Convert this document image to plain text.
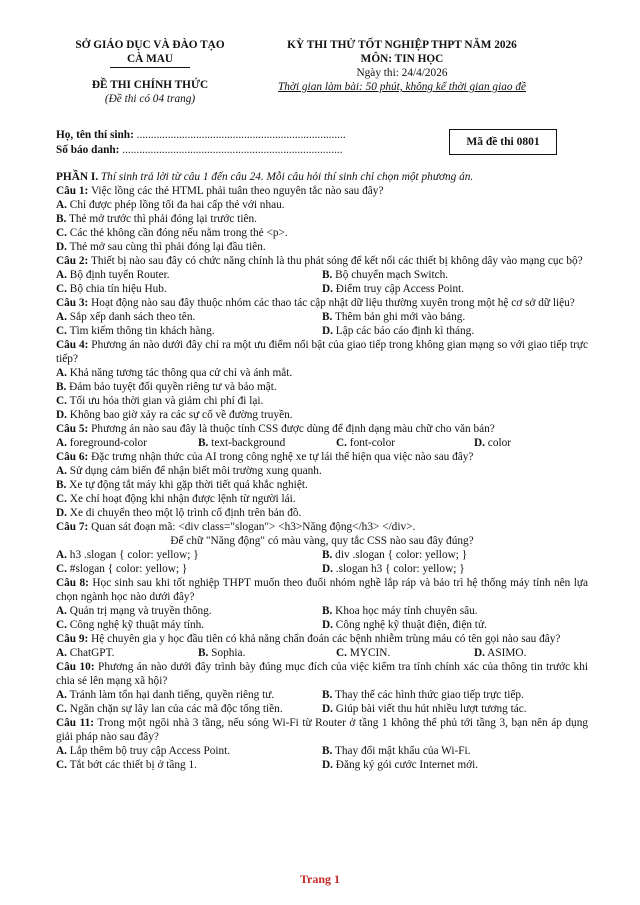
SỞ GIÁO DỤC VÀ ĐÀO TẠO
CÀ MAU
ĐỀ THI CHÍNH THỨC
(Đề thi có 04 trang)
KỲ THI THỬ TỐT NGHIỆP THPT NĂM 2026
MÔN: TIN HỌC
Ngày thi: 24/4/2026
Thời gian làm bài: 50 phút, không kể thời gian giao đề
Họ, tên thí sinh: ..........................................................................
Số báo danh: ..............................................................................
Mã đề thi 0801
PHẦN I. Thí sinh trả lời từ câu 1 đến câu 24. Mỗi câu hỏi thí sinh chỉ chọn một phương án.
Câu 1: Việc lồng các thẻ HTML phải tuân theo nguyên tắc nào sau đây?
A. Chỉ được phép lồng tối đa hai cấp thẻ với nhau.
B. Thẻ mở trước thì phải đóng lại trước tiên.
C. Các thẻ không cần đóng nếu nằm trong thẻ <p>.
D. Thẻ mở sau cùng thì phải đóng lại đầu tiên.
Câu 2: Thiết bị nào sau đây có chức năng chính là thu phát sóng để kết nối các thiết bị không dây vào mạng cục bộ?
A. Bộ định tuyến Router.	B. Bộ chuyển mạch Switch.
C. Bộ chia tín hiệu Hub.	D. Điểm truy cập Access Point.
Câu 3: Hoạt động nào sau đây thuộc nhóm các thao tác cập nhật dữ liệu thường xuyên trong một hệ cơ sở dữ liệu?
A. Sắp xếp danh sách theo tên.	B. Thêm bản ghi mới vào bảng.
C. Tìm kiếm thông tin khách hàng.	D. Lập các báo cáo định kì tháng.
Câu 4: Phương án nào dưới đây chỉ ra một ưu điểm nổi bật của giao tiếp trong không gian mạng so với giao tiếp trực tiếp?
A. Khả năng tương tác thông qua cử chỉ và ánh mắt.
B. Đảm bảo tuyệt đối quyền riêng tư và bảo mật.
C. Tối ưu hóa thời gian và giảm chi phí đi lại.
D. Không bao giờ xảy ra các sự cố về đường truyền.
Câu 5: Phương án nào sau đây là thuộc tính CSS được dùng để định dạng màu chữ cho văn bản?
A. foreground-color	B. text-background	C. font-color	D. color
Câu 6: Đặc trưng nhận thức của AI trong công nghệ xe tự lái thể hiện qua việc nào sau đây?
A. Sử dụng cảm biến để nhận biết môi trường xung quanh.
B. Xe tự động tắt máy khi gặp thời tiết quá khắc nghiệt.
C. Xe chỉ hoạt động khi nhận được lệnh từ người lái.
D. Xe di chuyển theo một lộ trình cố định trên bản đồ.
Câu 7: Quan sát đoạn mã: <div class="slogan"> <h3>Năng động</h3> </div>.
Để chữ "Năng động" có màu vàng, quy tắc CSS nào sau đây đúng?
A. h3 .slogan { color: yellow; }	B. div .slogan { color: yellow; }
C. #slogan { color: yellow; }	D. .slogan h3 { color: yellow; }
Câu 8: Học sinh sau khi tốt nghiệp THPT muốn theo đuổi nhóm nghề lắp ráp và bảo trì hệ thống máy tính nên lựa chọn ngành học nào dưới đây?
A. Quản trị mạng và truyền thông.	B. Khoa học máy tính chuyên sâu.
C. Công nghệ kỹ thuật máy tính.	D. Công nghệ kỹ thuật điện, điện tử.
Câu 9: Hệ chuyên gia y học đầu tiên có khả năng chẩn đoán các bệnh nhiễm trùng máu có tên gọi nào sau đây?
A. ChatGPT.	B. Sophia.	C. MYCIN.	D. ASIMO.
Câu 10: Phương án nào dưới đây trình bày đúng mục đích của việc kiểm tra tính chính xác của thông tin trước khi chia sẻ lên mạng xã hội?
A. Tránh làm tổn hại danh tiếng, quyền riêng tư.	B. Thay thế các hình thức giao tiếp trực tiếp.
C. Ngăn chặn sự lây lan của các mã độc tống tiền.	D. Giúp bài viết thu hút nhiều lượt tương tác.
Câu 11: Trong một ngôi nhà 3 tầng, nếu sóng Wi-Fi từ Router ở tầng 1 không thể phủ tới tầng 3, bạn nên áp dụng giải pháp nào sau đây?
A. Lắp thêm bộ truy cập Access Point.	B. Thay đổi mật khẩu của Wi-Fi.
C. Tắt bớt các thiết bị ở tầng 1.	D. Đăng ký gói cước Internet mới.
Trang 1
